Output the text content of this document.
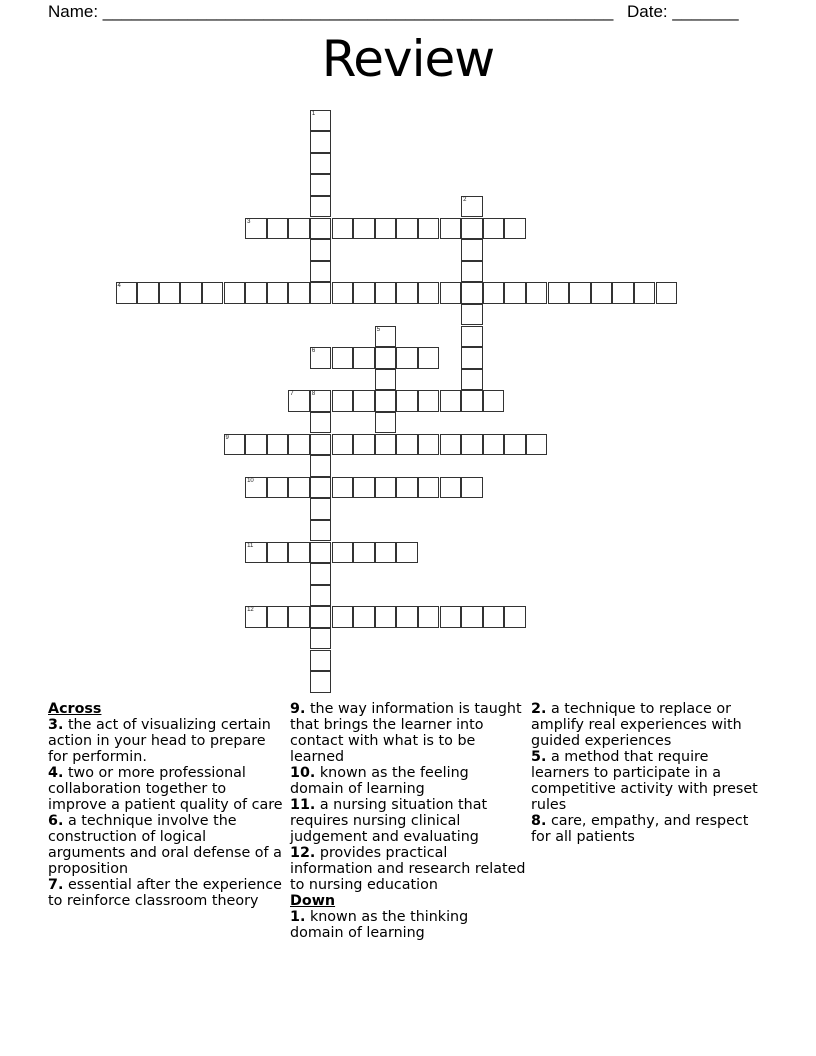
Name: ______________________________________________________ Date: _______
Review
1
2
3
4
5
6
7	8
9
10
11
12
Across
3. the act of visualizing certain action in your head to prepare for performin.
4. two or more professional collaboration together to improve a patient quality of care
6. a technique involve the construction of logical arguments and oral defense of a proposition
7. essential after the experience to reinforce classroom theory
9. the way information is taught that brings the learner into contact with what is to be learned
10. known as the feeling domain of learning
11. a nursing situation that requires nursing clinical judgement and evaluating
12. provides practical information and research related to nursing education
Down
1. known as the thinking domain of learning
2. a technique to replace or amplify real experiences with guided experiences
5. a method that require learners to participate in a competitive activity with preset rules
8. care, empathy, and respect for all patients
